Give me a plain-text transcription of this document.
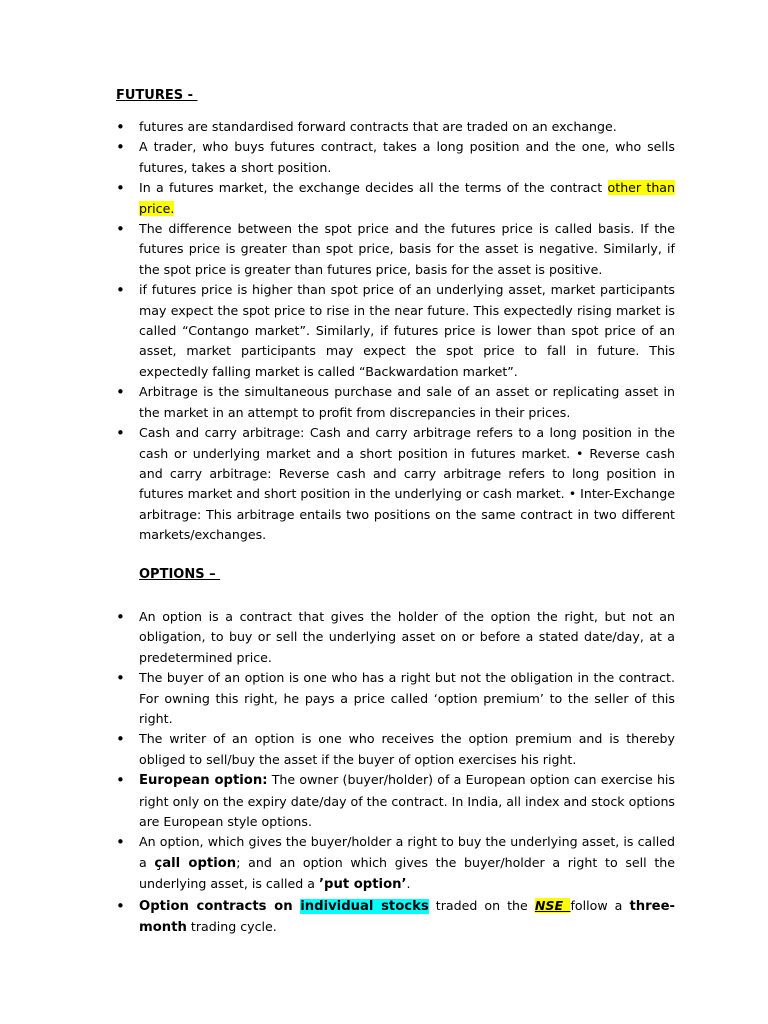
FUTURES -
• futures are standardised forward contracts that are traded on an exchange.
• A trader, who buys futures contract, takes a long position and the one, who sells futures, takes a short position.
• In a futures market, the exchange decides all the terms of the contract other than price.
• The difference between the spot price and the futures price is called basis. If the futures price is greater than spot price, basis for the asset is negative. Similarly, if the spot price is greater than futures price, basis for the asset is positive.
• if futures price is higher than spot price of an underlying asset, market participants may expect the spot price to rise in the near future. This expectedly rising market is called “Contango market”. Similarly, if futures price is lower than spot price of an asset, market participants may expect the spot price to fall in future. This expectedly falling market is called “Backwardation market”.
• Arbitrage is the simultaneous purchase and sale of an asset or replicating asset in the market in an attempt to profit from discrepancies in their prices.
• Cash and carry arbitrage: Cash and carry arbitrage refers to a long position in the cash or underlying market and a short position in futures market. • Reverse cash and carry arbitrage: Reverse cash and carry arbitrage refers to long position in futures market and short position in the underlying or cash market. • Inter-Exchange arbitrage: This arbitrage entails two positions on the same contract in two different markets/exchanges.
OPTIONS –
• An option is a contract that gives the holder of the option the right, but not an obligation, to buy or sell the underlying asset on or before a stated date/day, at a predetermined price.
• The buyer of an option is one who has a right but not the obligation in the contract. For owning this right, he pays a price called ‘option premium’ to the seller of this right.
• The writer of an option is one who receives the option premium and is thereby obliged to sell/buy the asset if the buyer of option exercises his right.
• European option: The owner (buyer/holder) of a European option can exercise his right only on the expiry date/day of the contract. In India, all index and stock options are European style options.
• An option, which gives the buyer/holder a right to buy the underlying asset, is called a çall option; and an option which gives the buyer/holder a right to sell the underlying asset, is called a ’put option’.
• Option contracts on individual stocks traded on the NSE follow a three-month trading cycle.
